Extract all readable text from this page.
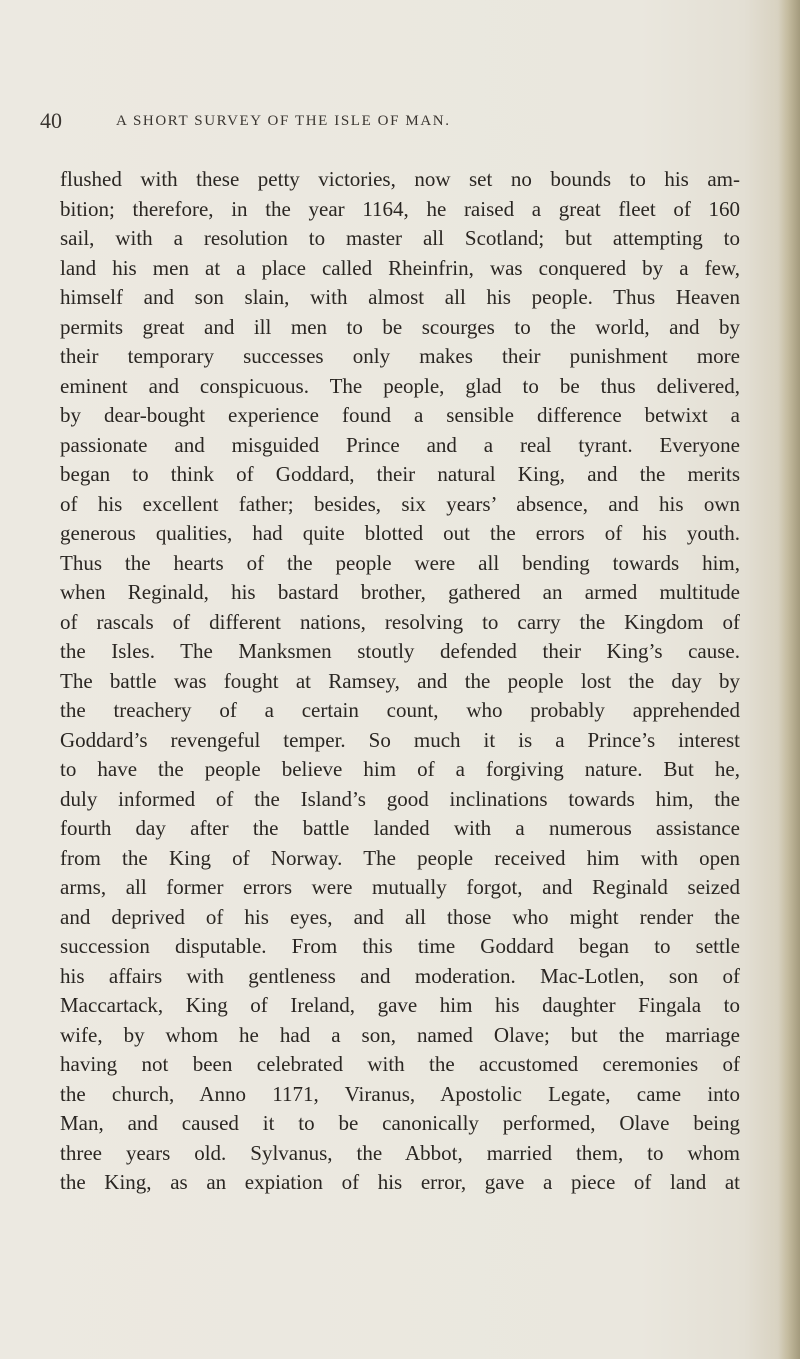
40	A SHORT SURVEY OF THE ISLE OF MAN.
flushed with these petty victories, now set no bounds to his am-
bition; therefore, in the year 1164, he raised a great fleet of 160
sail, with a resolution to master all Scotland; but attempting to
land his men at a place called Rheinfrin, was conquered by a few,
himself and son slain, with almost all his people. Thus Heaven
permits great and ill men to be scourges to the world, and by
their temporary successes only makes their punishment more
eminent and conspicuous. The people, glad to be thus delivered,
by dear-bought experience found a sensible difference betwixt a
passionate and misguided Prince and a real tyrant. Everyone
began to think of Goddard, their natural King, and the merits
of his excellent father; besides, six years’ absence, and his own
generous qualities, had quite blotted out the errors of his youth.
Thus the hearts of the people were all bending towards him,
when Reginald, his bastard brother, gathered an armed multitude
of rascals of different nations, resolving to carry the Kingdom of
the Isles. The Manksmen stoutly defended their King’s cause.
The battle was fought at Ramsey, and the people lost the day by
the treachery of a certain count, who probably apprehended
Goddard’s revengeful temper. So much it is a Prince’s interest
to have the people believe him of a forgiving nature. But he,
duly informed of the Island’s good inclinations towards him, the
fourth day after the battle landed with a numerous assistance
from the King of Norway. The people received him with open
arms, all former errors were mutually forgot, and Reginald seized
and deprived of his eyes, and all those who might render the
succession disputable. From this time Goddard began to settle
his affairs with gentleness and moderation. Mac-Lotlen, son of
Maccartack, King of Ireland, gave him his daughter Fingala to
wife, by whom he had a son, named Olave; but the marriage
having not been celebrated with the accustomed ceremonies of
the church, Anno 1171, Viranus, Apostolic Legate, came into
Man, and caused it to be canonically performed, Olave being
three years old. Sylvanus, the Abbot, married them, to whom
the King, as an expiation of his error, gave a piece of land at
